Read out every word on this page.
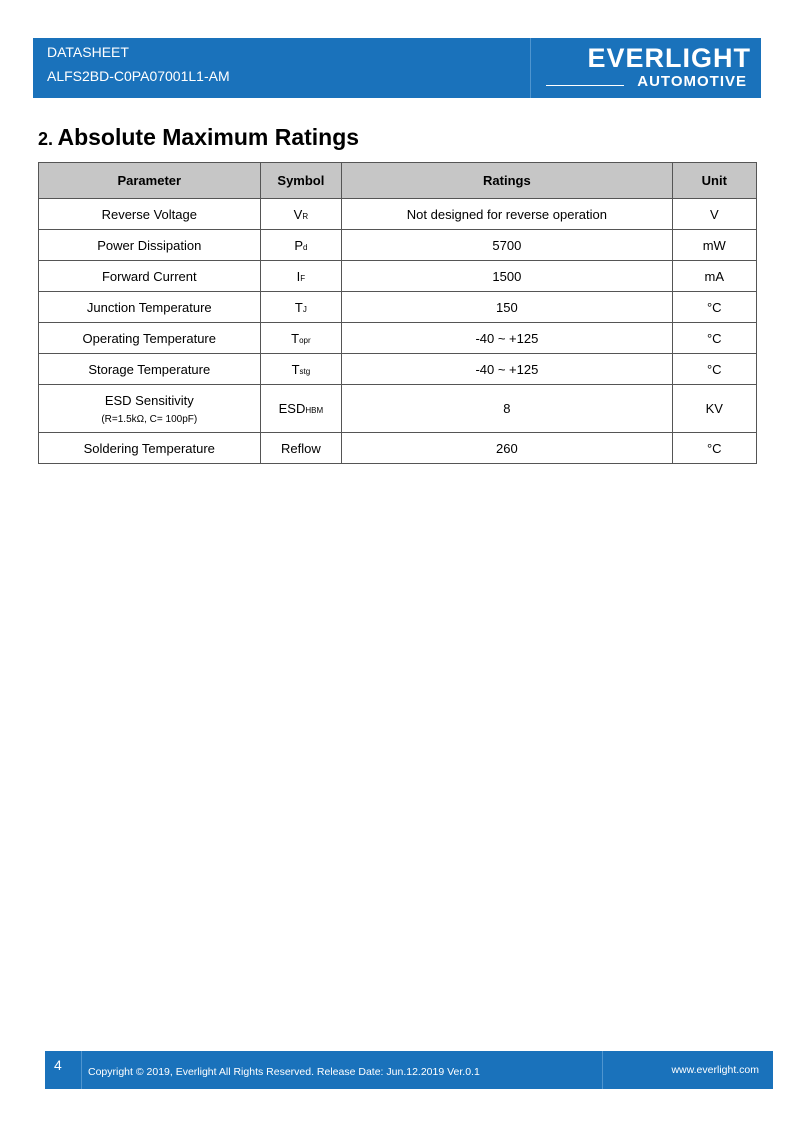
DATASHEET
ALFS2BD-C0PA07001L1-AM
EVERLIGHT
AUTOMOTIVE
2. Absolute Maximum Ratings
Parameter	Symbol	Ratings	Unit
Reverse Voltage	VR	Not designed for reverse operation	V
Power Dissipation	Pd	5700	mW
Forward Current	IF	1500	mA
Junction Temperature	TJ	150	°C
Operating Temperature	Topr	-40 ~ +125	°C
Storage Temperature	Tstg	-40 ~ +125	°C
ESD Sensitivity
(R=1.5kΩ, C= 100pF)	ESDHBM	8	KV
Soldering Temperature	Reflow	260	°C
4 Copyright © 2019, Everlight All Rights Reserved. Release Date: Jun.12.2019 Ver.0.1	www.everlight.com
